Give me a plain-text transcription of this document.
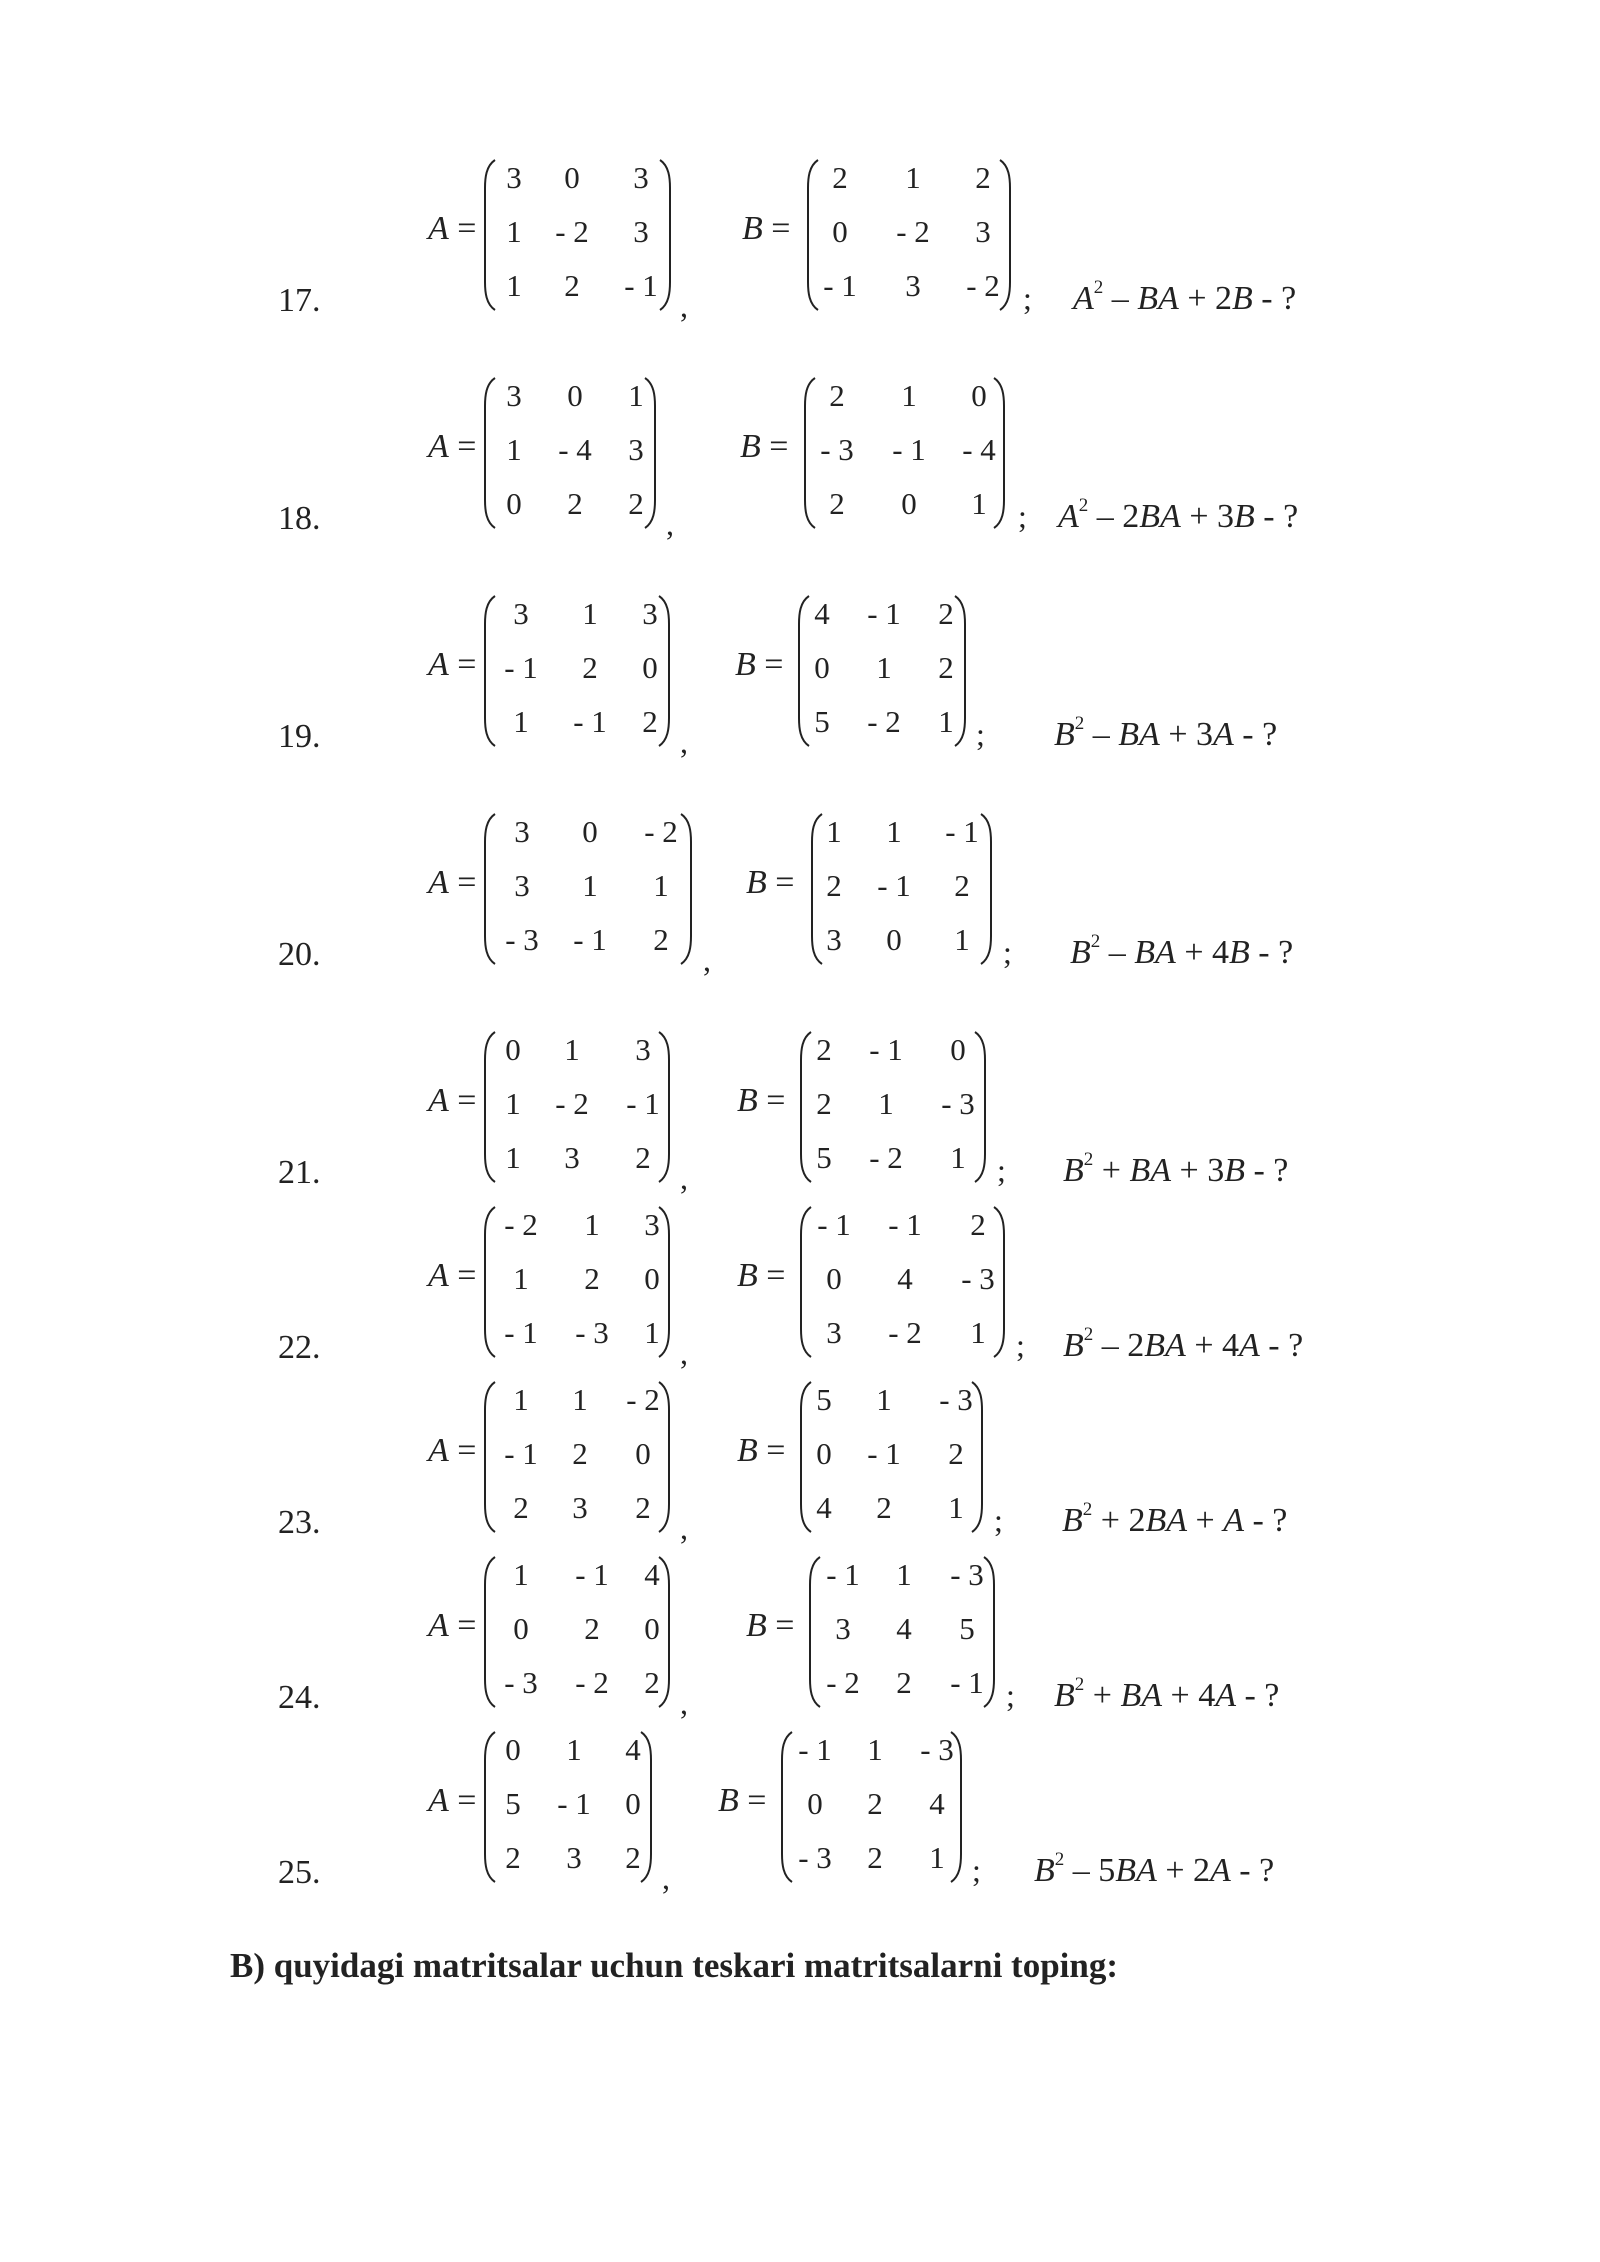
17.
A =
3	0	3
1	- 2	3
1	2	- 1
B =
2	1	2
0	- 2	3
- 1	3	- 2
,	; $A^2$ – BA + 2B - ?
18.
A =
3	0	1
1	- 4	3
0	2	2
B =
2	1	0
- 3	- 1	- 4
2	0	1
,	; $A^2 - 2BA + 3B$ - ?
19.
A =
3	1	3
- 1	2	0
1	- 1	2
B =
4	- 1	2
0	1	2
5	- 2	1
,	; $B^2$ – BA + 3A - ?
20.
A =
3	0	- 2
3	1	1
- 3	- 1	2
B =
1	1	- 1
2	- 1	2
3	0	1
,	; $B^2$ – BA + 4B - ?
21.
A =
0	1	3
1	- 2	- 1
1	3	2
B =
2	- 1	0
2	1	- 3
5	- 2	1
,	; $B^2$ + BA + 3B - ?
22.
A =
- 2	1	3
1	2	0
- 1	- 3	1
B =
- 1	- 1	2
0	4	- 3
3	- 2	1
,	; $B^2 - 2BA + 4A$ - ?
23.
A =
1	1	- 2
- 1	2	0
2	3	2
B =
5	1	- 3
0	- 1	2
4	2	1
,	; $B^2 + 2BA + A$ - ?
24.
A =
1	- 1	4
0	2	0
- 3	- 2	2
B =
- 1	1	- 3
3	4	5
- 2	2	- 1
,	; $B^2$ + BA + 4A - ?
25.
A =
0	1	4
5	- 1	0
2	3	2
B =
- 1	1	- 3
0	2	4
- 3	2	1
,	; $B^2 - 5BA + 2A$ - ?
B) quyidagi matritsalar uchun teskari matritsalarni toping:
